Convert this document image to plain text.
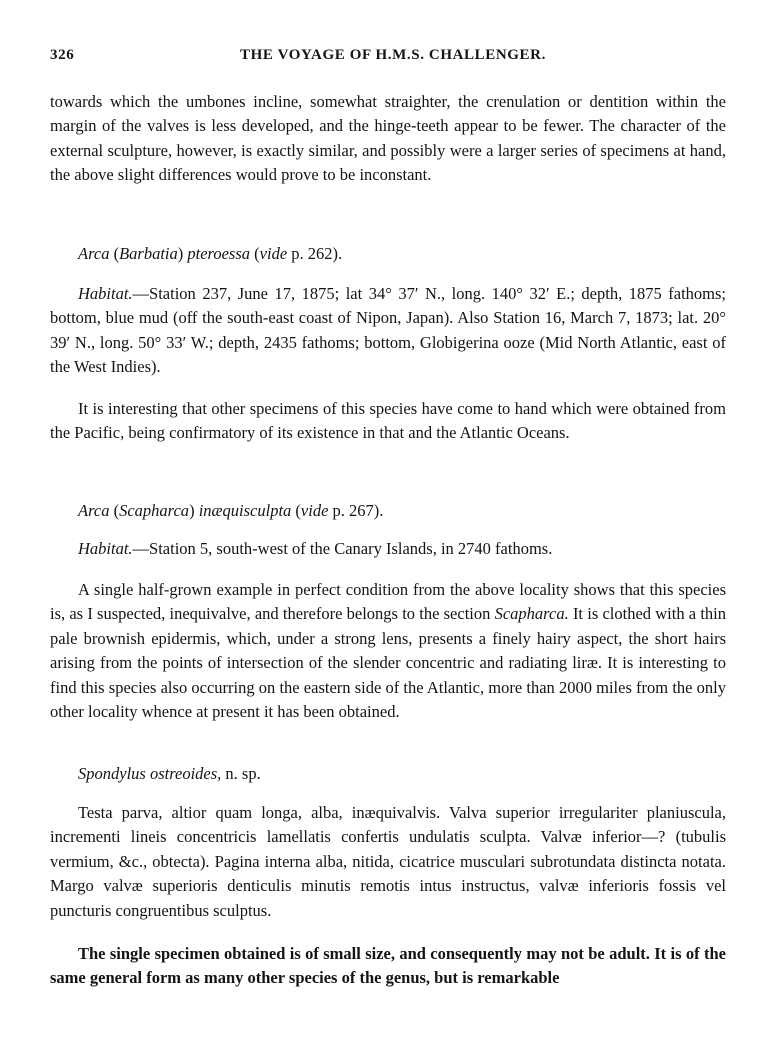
326	THE VOYAGE OF H.M.S. CHALLENGER.

towards which the umbones incline, somewhat straighter, the crenulation or dentition within the margin of the valves is less developed, and the hinge-teeth appear to be fewer. The character of the external sculpture, however, is exactly similar, and possibly were a larger series of specimens at hand, the above slight differences would prove to be inconstant.

Arca (Barbatia) pteroessa (vide p. 262).

Habitat.—Station 237, June 17, 1875; lat 34° 37′ N., long. 140° 32′ E.; depth, 1875 fathoms; bottom, blue mud (off the south-east coast of Nipon, Japan). Also Station 16, March 7, 1873; lat. 20° 39′ N., long. 50° 33′ W.; depth, 2435 fathoms; bottom, Globigerina ooze (Mid North Atlantic, east of the West Indies).

It is interesting that other specimens of this species have come to hand which were obtained from the Pacific, being confirmatory of its existence in that and the Atlantic Oceans.

Arca (Scapharca) inæquisculpta (vide p. 267).

Habitat.—Station 5, south-west of the Canary Islands, in 2740 fathoms.

A single half-grown example in perfect condition from the above locality shows that this species is, as I suspected, inequivalve, and therefore belongs to the section Scapharca. It is clothed with a thin pale brownish epidermis, which, under a strong lens, presents a finely hairy aspect, the short hairs arising from the points of intersection of the slender concentric and radiating liræ. It is interesting to find this species also occurring on the eastern side of the Atlantic, more than 2000 miles from the only other locality whence at present it has been obtained.

Spondylus ostreoides, n. sp.

Testa parva, altior quam longa, alba, inæquivalvis. Valva superior irregulariter planiuscula, incrementi lineis concentricis lamellatis confertis undulatis sculpta. Valvæ inferior—? (tubulis vermium, &c., obtecta). Pagina interna alba, nitida, cicatrice musculari subrotundata distincta notata. Margo valvæ superioris denticulis minutis remotis intus instructus, valvæ inferioris fossis vel puncturis congruentibus sculptus.

The single specimen obtained is of small size, and consequently may not be adult. It is of the same general form as many other species of the genus, but is remarkable
